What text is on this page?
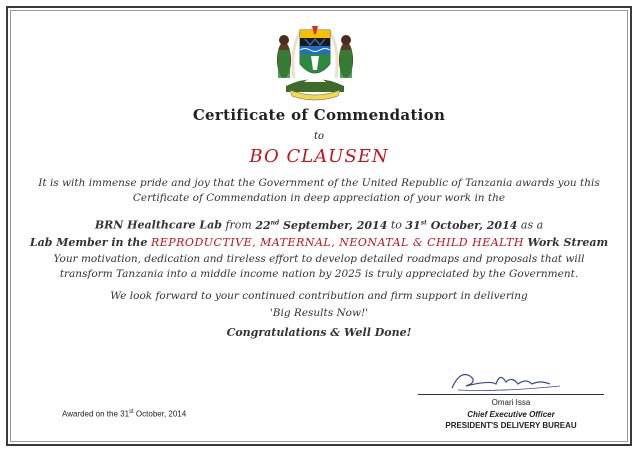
Certificate of Commendation
to
BO CLAUSEN
It is with immense pride and joy that the Government of the United Republic of Tanzania awards you this Certificate of Commendation in deep appreciation of your work in the
BRN Healthcare Lab from 22nd September, 2014 to 31st October, 2014 as a
Lab Member in the REPRODUCTIVE, MATERNAL, NEONATAL & CHILD HEALTH Work Stream
Your motivation, dedication and tireless effort to develop detailed roadmaps and proposals that will transform Tanzania into a middle income nation by 2025 is truly appreciated by the Government.
We look forward to your continued contribution and firm support in delivering
'Big Results Now!'
Congratulations & Well Done!
Omari Issa
Chief Executive Officer
PRESIDENT'S DELIVERY BUREAU
Awarded on the 31st October, 2014
